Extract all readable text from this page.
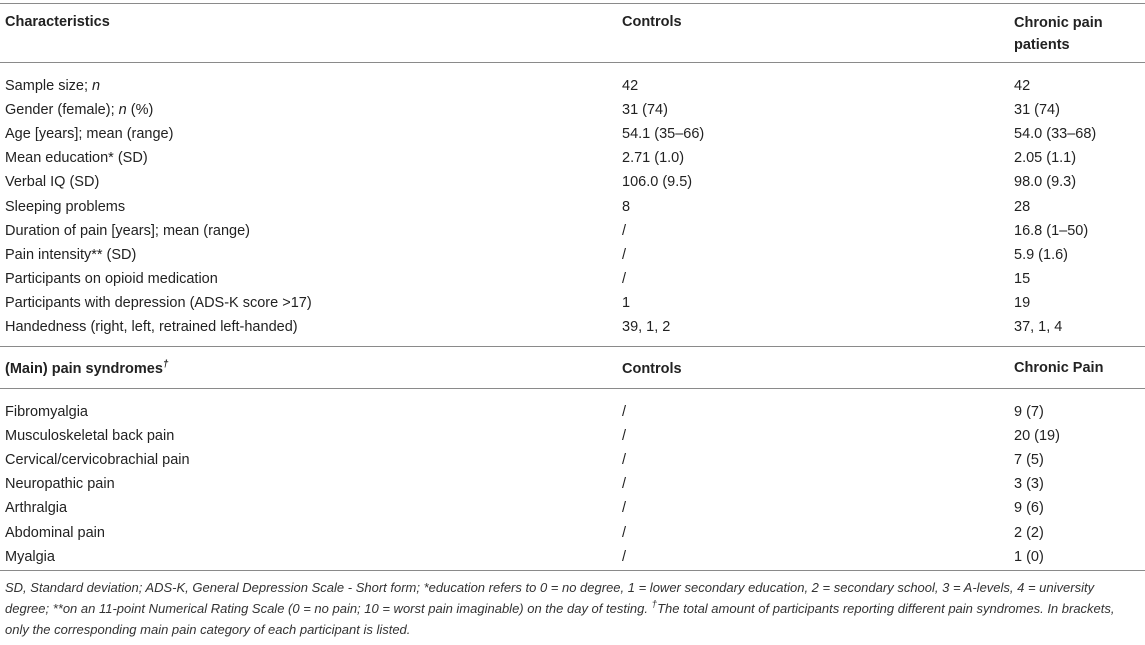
Characteristics	Controls	Chronic pain patients
Sample size; n	42	42
Gender (female); n (%)	31 (74)	31 (74)
Age [years]; mean (range)	54.1 (35–66)	54.0 (33–68)
Mean education* (SD)	2.71 (1.0)	2.05 (1.1)
Verbal IQ (SD)	106.0 (9.5)	98.0 (9.3)
Sleeping problems	8	28
Duration of pain [years]; mean (range)	/	16.8 (1–50)
Pain intensity** (SD)	/	5.9 (1.6)
Participants on opioid medication	/	15
Participants with depression (ADS-K score >17)	1	19
Handedness (right, left, retrained left-handed)	39, 1, 2	37, 1, 4
(Main) pain syndromes†	Controls	Chronic Pain
Fibromyalgia	/	9 (7)
Musculoskeletal back pain	/	20 (19)
Cervical/cervicobrachial pain	/	7 (5)
Neuropathic pain	/	3 (3)
Arthralgia	/	9 (6)
Abdominal pain	/	2 (2)
Myalgia	/	1 (0)
SD, Standard deviation; ADS-K, General Depression Scale - Short form; *education refers to 0 = no degree, 1 = lower secondary education, 2 = secondary school, 3 = A-levels, 4 = university degree; **on an 11-point Numerical Rating Scale (0 = no pain; 10 = worst pain imaginable) on the day of testing. †The total amount of participants reporting different pain syndromes. In brackets, only the corresponding main pain category of each participant is listed.
